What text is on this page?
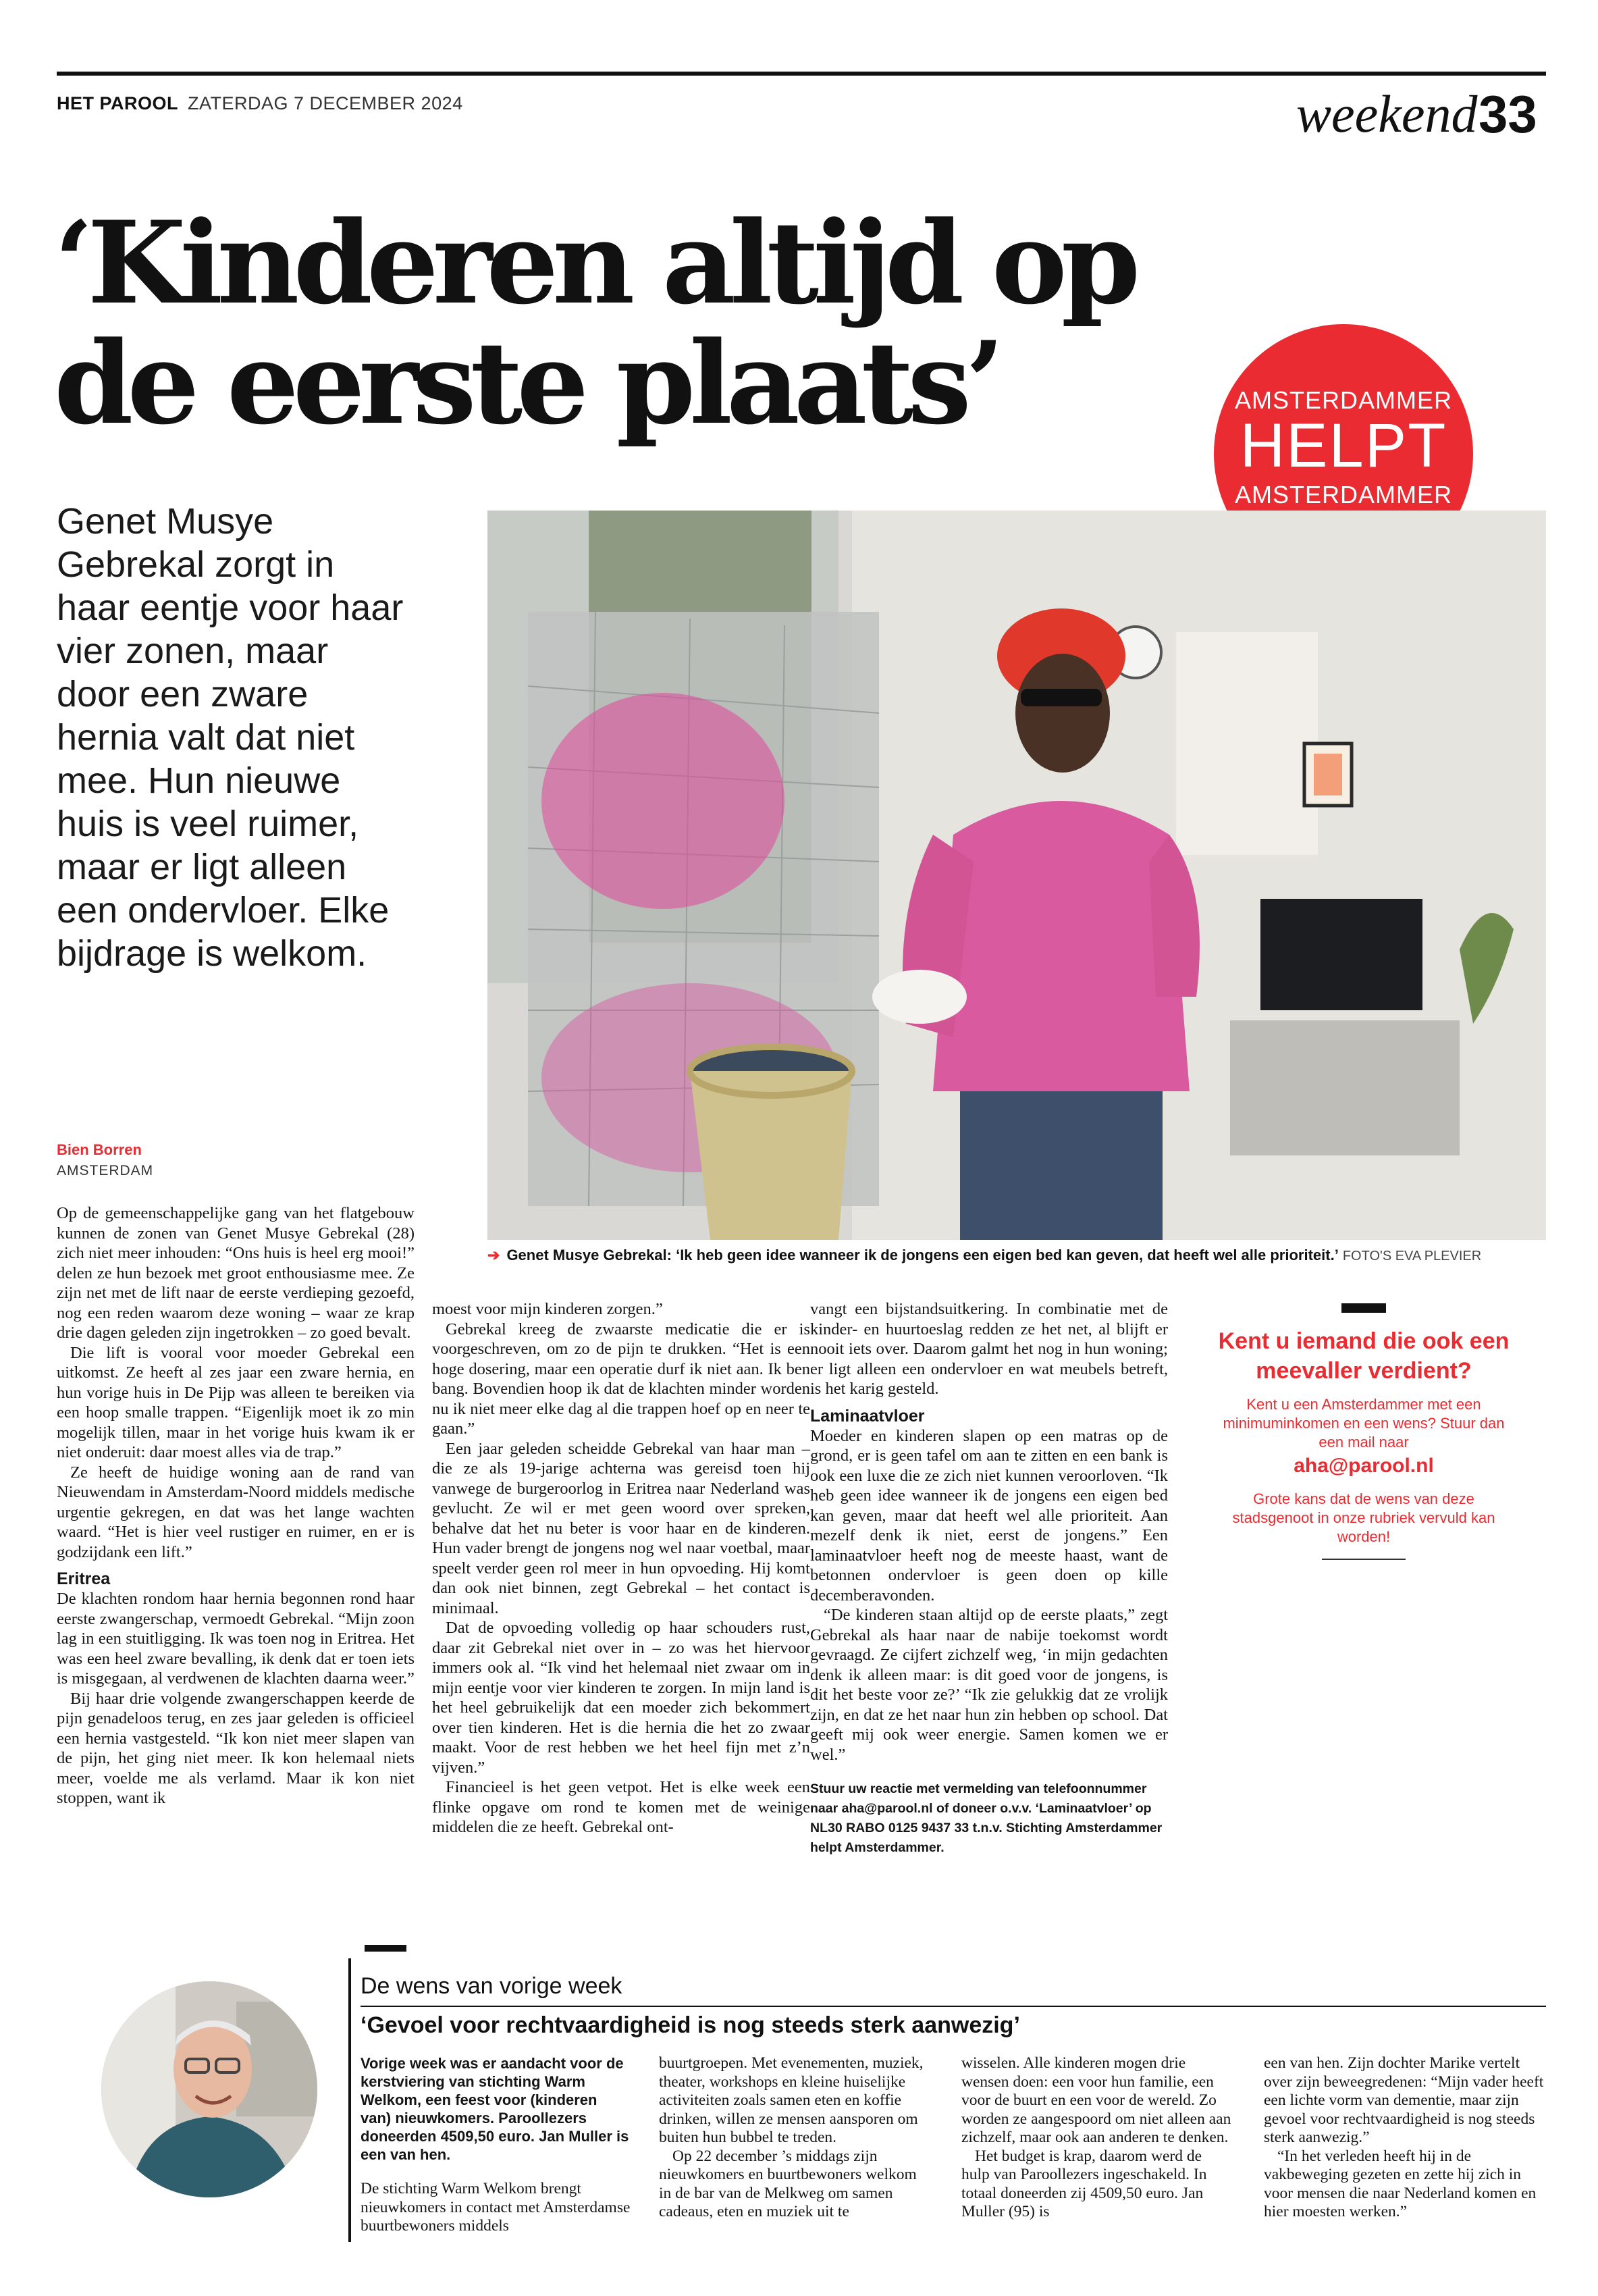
HET PAROOL ZATERDAG 7 DECEMBER 2024	weekend 33
‘Kinderen altijd op de eerste plaats’	AMSTERDAMMER
HELPT
AMSTERDAMMER
Genet Musye Gebrekal zorgt in haar eentje voor haar vier zonen, maar door een zware hernia valt dat niet mee. Hun nieuwe huis is veel ruimer, maar er ligt alleen een ondervloer. Elke bijdrage is welkom.
➔ Genet Musye Gebrekal: ‘Ik heb geen idee wanneer ik de jongens een eigen bed kan geven, dat heeft wel alle prioriteit.’ FOTO'S EVA PLEVIER
Bien Borren
AMSTERDAM

Op de gemeenschappelijke gang van het flatgebouw kunnen de zonen van Genet Musye Gebrekal (28) zich niet meer inhouden: “Ons huis is heel erg mooi!” delen ze hun bezoek met groot enthousiasme mee. Ze zijn net met de lift naar de eerste verdieping gezoefd, nog een reden waarom deze woning – waar ze krap drie dagen geleden zijn ingetrokken – zo goed bevalt.

Die lift is vooral voor moeder Gebrekal een uitkomst. Ze heeft al zes jaar een zware hernia, en hun vorige huis in De Pijp was alleen te bereiken via een hoop smalle trappen. “Eigenlijk moet ik zo min mogelijk tillen, maar in het vorige huis kwam ik er niet onderuit: daar moest alles via de trap.”

Ze heeft de huidige woning aan de rand van Nieuwendam in Amsterdam-Noord middels medische urgentie gekregen, en dat was het lange wachten waard. “Het is hier veel rustiger en ruimer, en er is godzijdank een lift.”

Eritrea

De klachten rondom haar hernia begonnen rond haar eerste zwangerschap, vermoedt Gebrekal. “Mijn zoon lag in een stuitligging. Ik was toen nog in Eritrea. Het was een heel zware bevalling, ik denk dat er toen iets is misgegaan, al verdwenen de klachten daarna weer.”

Bij haar drie volgende zwangerschappen keerde de pijn genadeloos terug, en zes jaar geleden is officieel een hernia vastgesteld. “Ik kon niet meer slapen van de pijn, het ging niet meer. Ik kon helemaal niets meer, voelde me als verlamd. Maar ik kon niet stoppen, want ik

moest voor mijn kinderen zorgen.”

Gebrekal kreeg de zwaarste medicatie die er is voorgeschreven, om zo de pijn te drukken. “Het is een hoge dosering, maar een operatie durf ik niet aan. Ik ben bang. Bovendien hoop ik dat de klachten minder worden nu ik niet meer elke dag al die trappen hoef op en neer te gaan.”

Een jaar geleden scheidde Gebrekal van haar man – die ze als 19-jarige achterna was gereisd toen hij vanwege de burgeroorlog in Eritrea naar Nederland was gevlucht. Ze wil er met geen woord over spreken, behalve dat het nu beter is voor haar en de kinderen. Hun vader brengt de jongens nog wel naar voetbal, maar speelt verder geen rol meer in hun opvoeding. Hij komt dan ook niet binnen, zegt Gebrekal – het contact is minimaal.

Dat de opvoeding volledig op haar schouders rust, daar zit Gebrekal niet over in – zo was het hiervoor immers ook al. “Ik vind het helemaal niet zwaar om in mijn eentje voor vier kinderen te zorgen. In mijn land is het heel gebruikelijk dat een moeder zich bekommert over tien kinderen. Het is die hernia die het zo zwaar maakt. Voor de rest hebben we het heel fijn met z’n vijven.”

Financieel is het geen vetpot. Het is elke week een flinke opgave om rond te komen met de weinige middelen die ze heeft. Gebrekal ont-

vangt een bijstandsuitkering. In combinatie met de kinder- en huurtoeslag redden ze het net, al blijft er nooit iets over. Daarom galmt het nog in hun woning; er ligt alleen een ondervloer en wat meubels betreft, is het karig gesteld.

Laminaatvloer

Moeder en kinderen slapen op een matras op de grond, er is geen tafel om aan te zitten en een bank is ook een luxe die ze zich niet kunnen veroorloven. “Ik heb geen idee wanneer ik de jongens een eigen bed kan geven, maar dat heeft wel alle prioriteit. Aan mezelf denk ik niet, eerst de jongens.” Een laminaatvloer heeft nog de meeste haast, want de betonnen ondervloer is geen doen op kille decemberavonden.

“De kinderen staan altijd op de eerste plaats,” zegt Gebrekal als haar naar de nabije toekomst wordt gevraagd. Ze cijfert zichzelf weg, ‘in mijn gedachten denk ik alleen maar: is dit goed voor de jongens, is dit het beste voor ze?’ “Ik zie gelukkig dat ze vrolijk zijn, en dat ze het naar hun zin hebben op school. Dat geeft mij ook weer energie. Samen komen we er wel.”

Stuur uw reactie met vermelding van telefoonnummer naar aha@parool.nl of doneer o.v.v. ‘Laminaatvloer’ op NL30 RABO 0125 9437 33 t.n.v. Stichting Amsterdammer helpt Amsterdammer.
Kent u iemand die ook een meevaller verdient?
Kent u een Amsterdammer met een minimuminkomen en een wens? Stuur dan een mail naar
aha@parool.nl
Grote kans dat de wens van deze stadsgenoot in onze rubriek vervuld kan worden!
De wens van vorige week
‘Gevoel voor rechtvaardigheid is nog steeds sterk aanwezig’
Vorige week was er aandacht voor de kerstviering van stichting Warm Welkom, een feest voor (kinderen van) nieuwkomers. Paroollezers doneerden 4509,50 euro. Jan Muller is een van hen.

De stichting Warm Welkom brengt nieuwkomers in contact met Amsterdamse buurtbewoners middels

buurtgroepen. Met evenementen, muziek, theater, workshops en kleine huiselijke activiteiten zoals samen eten en koffie drinken, willen ze mensen aansporen om buiten hun bubbel te treden.

Op 22 december ’s middags zijn nieuwkomers en buurtbewoners welkom in de bar van de Melkweg om samen cadeaus, eten en muziek uit te

wisselen. Alle kinderen mogen drie wensen doen: een voor hun familie, een voor de buurt en een voor de wereld. Zo worden ze aangespoord om niet alleen aan zichzelf, maar ook aan anderen te denken.

Het budget is krap, daarom werd de hulp van Paroollezers ingeschakeld. In totaal doneerden zij 4509,50 euro. Jan Muller (95) is

een van hen. Zijn dochter Marike vertelt over zijn beweegredenen: “Mijn vader heeft een lichte vorm van dementie, maar zijn gevoel voor rechtvaardigheid is nog steeds sterk aanwezig.”

“In het verleden heeft hij in de vakbeweging gezeten en zette hij zich in voor mensen die naar Nederland komen en hier moesten werken.”
